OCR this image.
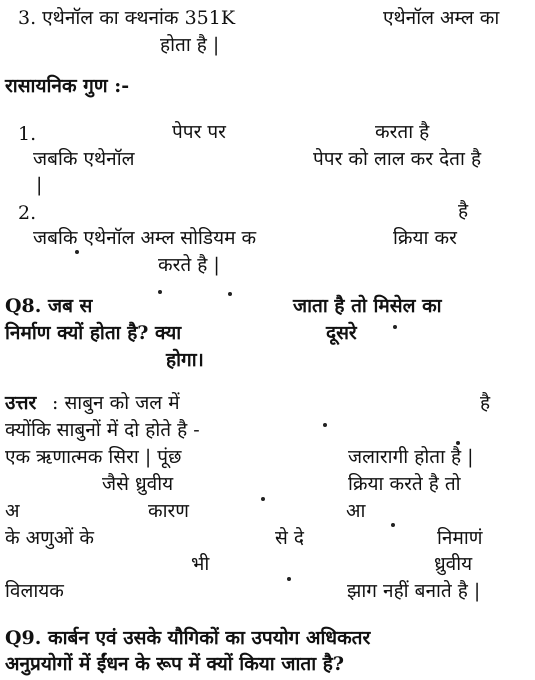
3. एथेनॉल का क्‍थनांक 351K	एथेनॉल अम्ल का
होता है |
रासायनिक गुण :-
1.	पेपर पर	करता है
जबकि एथेनॉल	पेपर को लाल कर देता है
|
2.	है
जबकि एथेनॉल अम्ल सोडियम क	क्रिया कर
करते है |
Q8. जब स	जाता है तो मिसेल का
निर्माण क्यों होता है? क्या	दूसरे
होगा।
उत्तर : साबुन को जल में	है
क्योंकि साबुनों में दो होते है -
एक ऋणात्मक सिरा | पूंछ	जलारागी होता है |
जैसे ध्रुवीय	क्रिया करते है तो
अ	कारण	आ
के अणुओं के	से दे	निमाणं
भी	ध्रुवीय
विलायक	झाग नहीं बनाते है |
Q9. कार्बन एवं उसके यौगिकों का उपयोग अधिकतर
अनुप्रयोगों में ईंधन के रूप में क्यों किया जाता है?
